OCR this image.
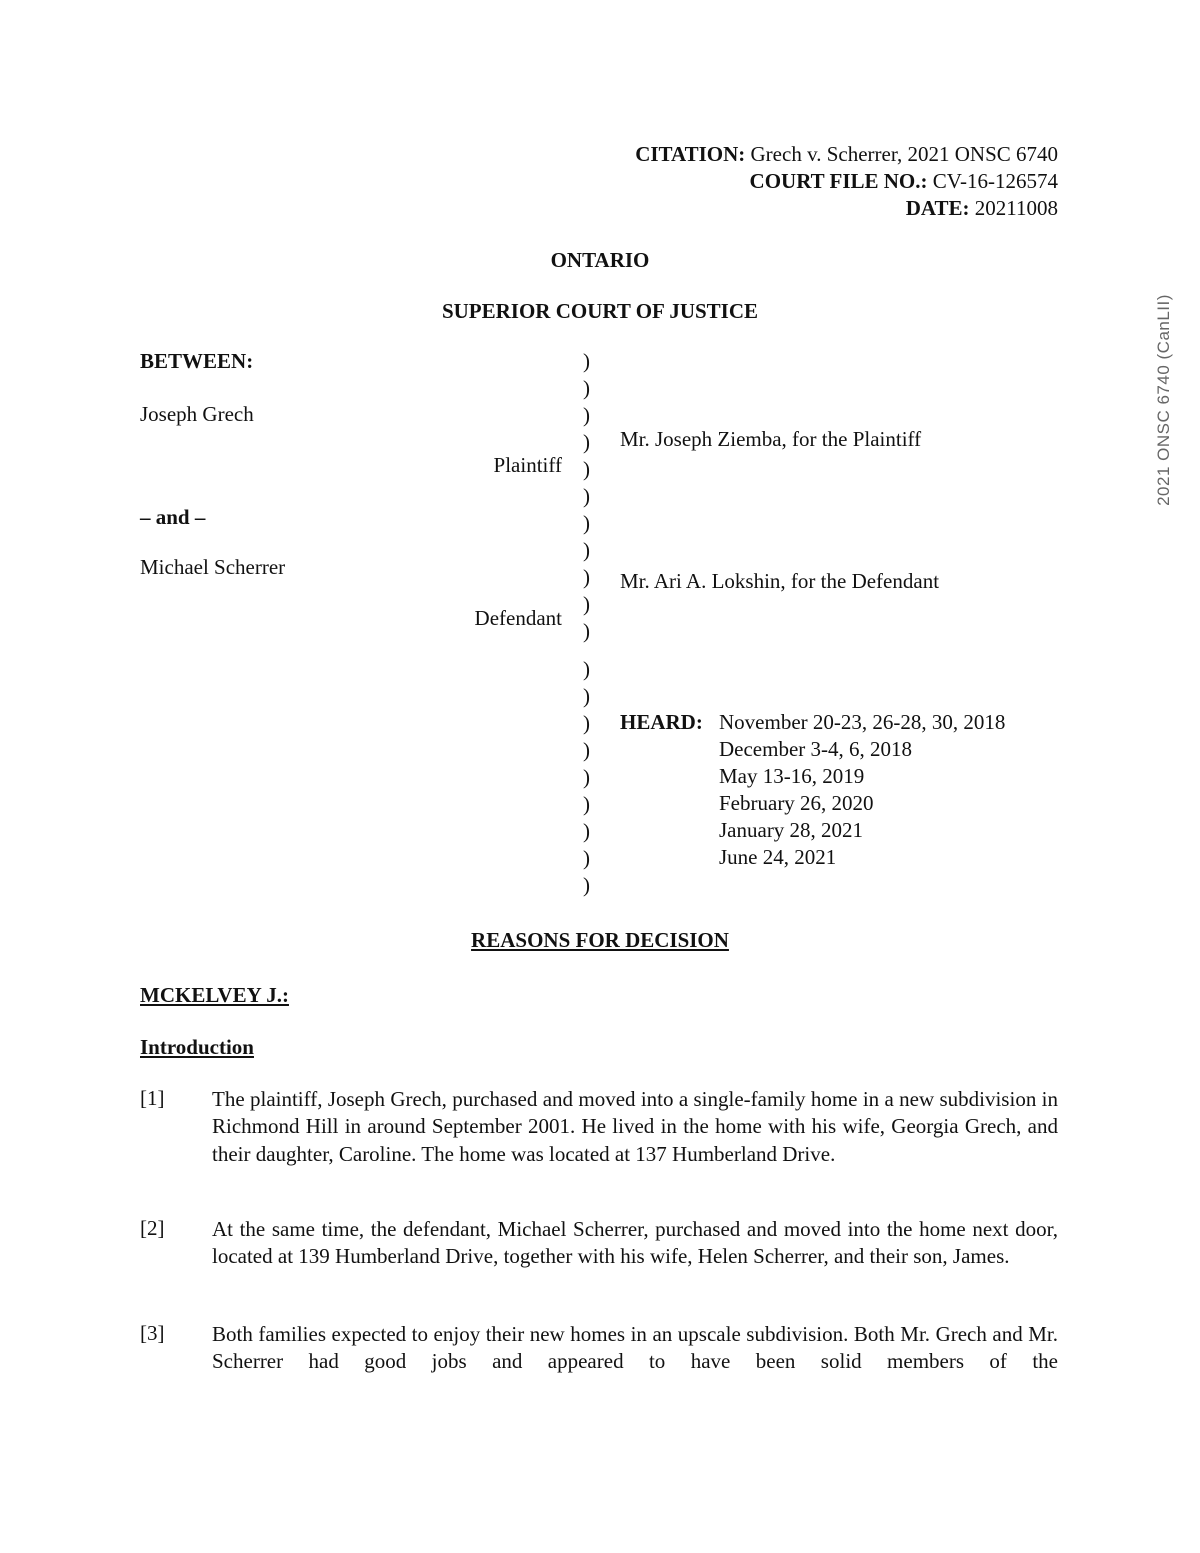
2021 ONSC 6740 (CanLII)
CITATION: Grech v. Scherrer, 2021 ONSC 6740
COURT FILE NO.: CV-16-126574
DATE: 20211008
ONTARIO
SUPERIOR COURT OF JUSTICE
BETWEEN:
Joseph Grech
Plaintiff
– and –
Michael Scherrer
Defendant
)
)
)
)
)
)
)
)
)
)
)
)
)
)
)
)
)
)
)
)
Mr. Joseph Ziemba, for the Plaintiff
Mr. Ari A. Lokshin, for the Defendant
HEARD: November 20-23, 26-28, 30, 2018
December 3-4, 6, 2018
May 13-16, 2019
February 26, 2020
January 28, 2021
June 24, 2021
REASONS FOR DECISION
MCKELVEY J.:
Introduction
[1] The plaintiff, Joseph Grech, purchased and moved into a single-family home in a new subdivision in Richmond Hill in around September 2001. He lived in the home with his wife, Georgia Grech, and their daughter, Caroline. The home was located at 137 Humberland Drive.
[2] At the same time, the defendant, Michael Scherrer, purchased and moved into the home next door, located at 139 Humberland Drive, together with his wife, Helen Scherrer, and their son, James.
[3] Both families expected to enjoy their new homes in an upscale subdivision. Both Mr. Grech and Mr. Scherrer had good jobs and appeared to have been solid members of the
